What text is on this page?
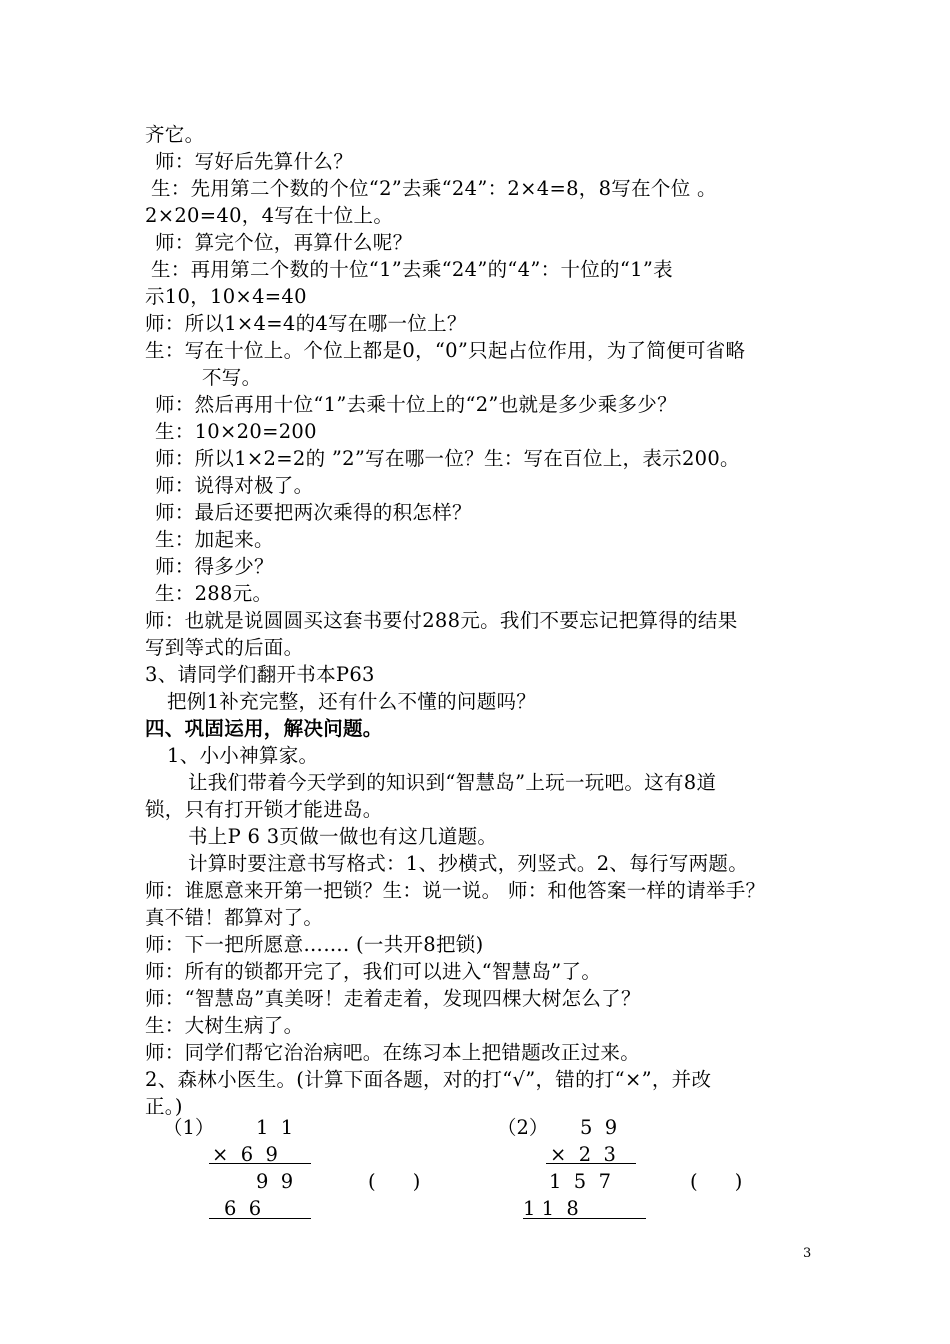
齐它。
师：写好后先算什么？
生：先用第二个数的个位“2”去乘“24”：2×4=8，8写在个位 。
2×20=40，4写在十位上。
师：算完个位，再算什么呢？
生：再用第二个数的十位“1”去乘“24”的“4”：十位的“1”表
示10，10×4=40
师：所以1×4=4的4写在哪一位上？
生：写在十位上。个位上都是0，“0”只起占位作用，为了简便可省略
不写。
师：然后再用十位“1”去乘十位上的“2”也就是多少乘多少？
生：10×20=200
师：所以1×2=2的 ”2”写在哪一位？生：写在百位上，表示200。
师：说得对极了。
师：最后还要把两次乘得的积怎样？
生：加起来。
师：得多少？
生：288元。
师：也就是说圆圆买这套书要付288元。我们不要忘记把算得的结果
写到等式的后面。
3、请同学们翻开书本P63
把例1补充完整，还有什么不懂的问题吗？
四、巩固运用，解决问题。
1、小小神算家。
让我们带着今天学到的知识到“智慧岛”上玩一玩吧。这有8道
锁，只有打开锁才能进岛。
书上P 6 3页做一做也有这几道题。
计算时要注意书写格式：1、抄横式，列竖式。2、每行写两题。
师：谁愿意来开第一把锁？生：说一说。 师：和他答案一样的请举手？
真不错！都算对了。
师：下一把所愿意……. (一共开8把锁)
师：所有的锁都开完了，我们可以进入“智慧岛”了。
师：“智慧岛”真美呀！走着走着，发现四棵大树怎么了？
生：大树生病了。
师：同学们帮它治治病吧。在练习本上把错题改正过来。
2、森林小医生。(计算下面各题，对的打“√”，错的打“×”，并改
正。)
（1） 1  1
×  6  9
9  9	(      )
6  6
（2） 5  9
×  2  3
1  5  7	(      )
1 1  8
3
